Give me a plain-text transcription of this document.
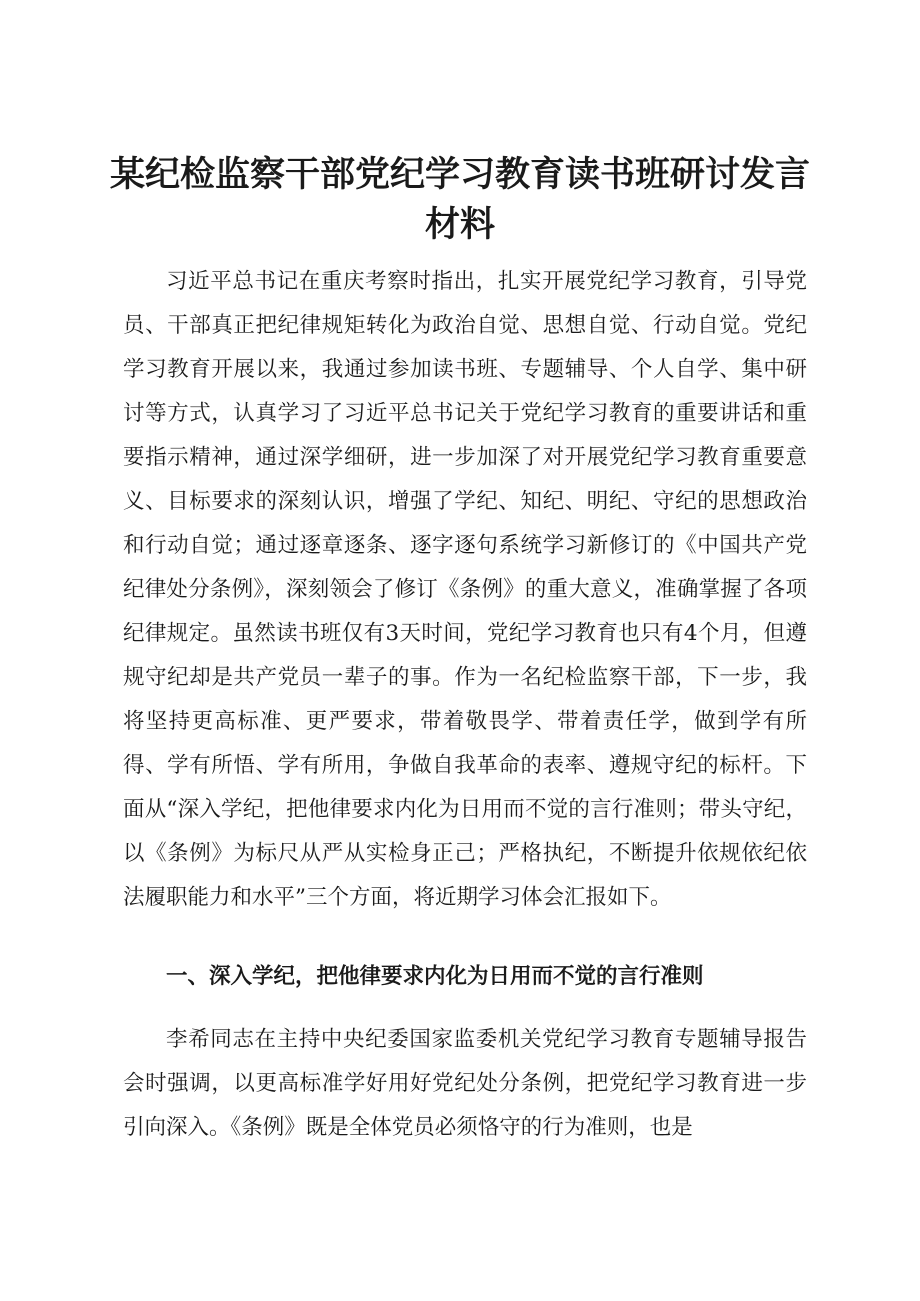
某纪检监察干部党纪学习教育读书班研讨发言材料

习近平总书记在重庆考察时指出，扎实开展党纪学习教育，引导党员、干部真正把纪律规矩转化为政治自觉、思想自觉、行动自觉。党纪学习教育开展以来，我通过参加读书班、专题辅导、个人自学、集中研讨等方式，认真学习了习近平总书记关于党纪学习教育的重要讲话和重要指示精神，通过深学细研，进一步加深了对开展党纪学习教育重要意义、目标要求的深刻认识，增强了学纪、知纪、明纪、守纪的思想政治和行动自觉；通过逐章逐条、逐字逐句系统学习新修订的《中国共产党纪律处分条例》，深刻领会了修订《条例》的重大意义，准确掌握了各项纪律规定。虽然读书班仅有3天时间，党纪学习教育也只有4个月，但遵规守纪却是共产党员一辈子的事。作为一名纪检监察干部，下一步，我将坚持更高标准、更严要求，带着敬畏学、带着责任学，做到学有所得、学有所悟、学有所用，争做自我革命的表率、遵规守纪的标杆。下面从“深入学纪，把他律要求内化为日用而不觉的言行准则；带头守纪，以《条例》为标尺从严从实检身正己；严格执纪，不断提升依规依纪依法履职能力和水平”三个方面，将近期学习体会汇报如下。

一、深入学纪，把他律要求内化为日用而不觉的言行准则

李希同志在主持中央纪委国家监委机关党纪学习教育专题辅导报告会时强调，以更高标准学好用好党纪处分条例，把党纪学习教育进一步引向深入。《条例》既是全体党员必须恪守的行为准则，也是
